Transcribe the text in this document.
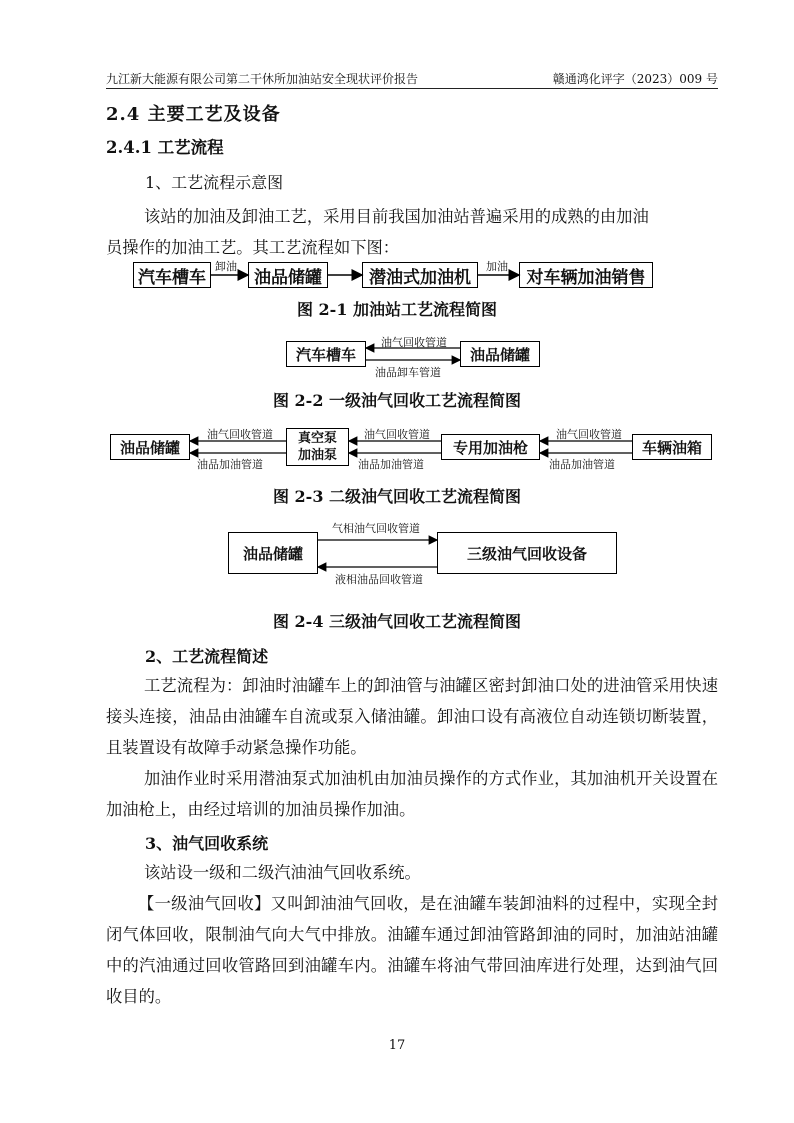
九江新大能源有限公司第二干休所加油站安全现状评价报告	赣通鸿化评字（2023）009 号
2.4 主要工艺及设备
2.4.1 工艺流程
1、工艺流程示意图
该站的加油及卸油工艺，采用目前我国加油站普遍采用的成熟的由加油
员操作的加油工艺。其工艺流程如下图：
汽车槽车
卸油
油品储罐	潜油式加油机
加油
对车辆加油销售
图 2-1 加油站工艺流程简图
汽车槽车
油气回收管道
油品卸车管道
油品储罐
图 2-2 一级油气回收工艺流程简图
油品储罐
油气回收管道
油品加油管道
真空泵
加油泵
油气回收管道
油品加油管道
专用加油枪
油气回收管道
油品加油管道
车辆油箱
图 2-3 二级油气回收工艺流程简图
油品储罐
气相油气回收管道
液相油品回收管道
三级油气回收设备
图 2-4 三级油气回收工艺流程简图
2、工艺流程简述
工艺流程为：卸油时油罐车上的卸油管与油罐区密封卸油口处的进油管采用快速接头连接，油品由油罐车自流或泵入储油罐。卸油口设有高液位自动连锁切断装置，且装置设有故障手动紧急操作功能。
加油作业时采用潜油泵式加油机由加油员操作的方式作业，其加油机开关设置在加油枪上，由经过培训的加油员操作加油。
3、油气回收系统
该站设一级和二级汽油油气回收系统。
【一级油气回收】又叫卸油油气回收，是在油罐车装卸油料的过程中，实现全封闭气体回收，限制油气向大气中排放。油罐车通过卸油管路卸油的同时，加油站油罐中的汽油通过回收管路回到油罐车内。油罐车将油气带回油库进行处理，达到油气回收目的。
17
